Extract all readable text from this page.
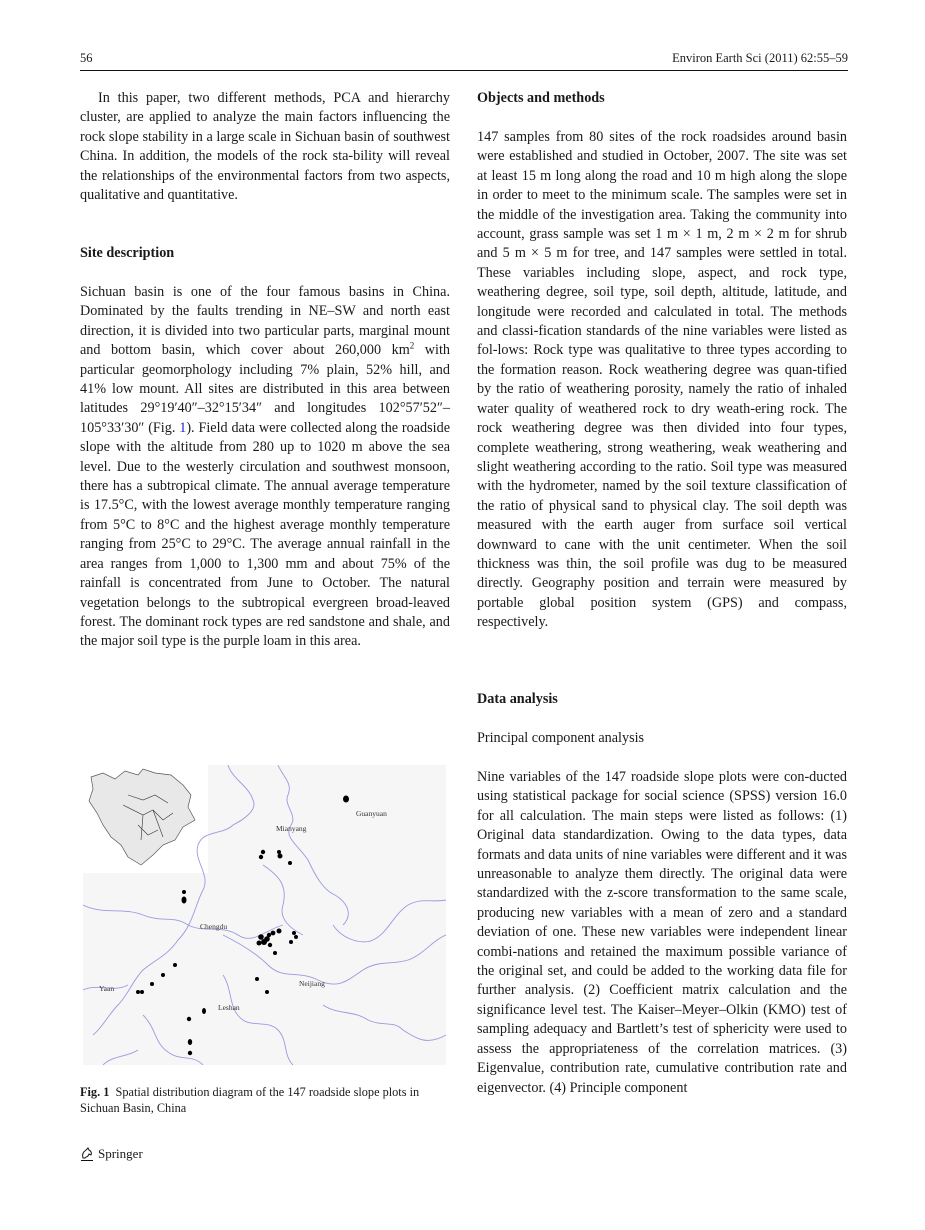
56	Environ Earth Sci (2011) 62:55–59

In this paper, two different methods, PCA and hierarchy cluster, are applied to analyze the main factors influencing the rock slope stability in a large scale in Sichuan basin of southwest China. In addition, the models of the rock sta-bility will reveal the relationships of the environmental factors from two aspects, qualitative and quantitative.

Site description

Sichuan basin is one of the four famous basins in China. Dominated by the faults trending in NE–SW and north east direction, it is divided into two particular parts, marginal mount and bottom basin, which cover about 260,000 $km^2$ with particular geomorphology including 7% plain, 52% hill, and 41% low mount. All sites are distributed in this area between latitudes 29°19′40″–32°15′34″ and longitudes 102°57′52″–105°33′30″ (Fig. 1). Field data were collected along the roadside slope with the altitude from 280 up to 1020 m above the sea level. Due to the westerly circulation and southwest monsoon, there has a subtropical climate. The annual average temperature is 17.5°C, with the lowest average monthly temperature ranging from 5°C to 8°C and the highest average monthly temperature ranging from 25°C to 29°C. The average annual rainfall in the area ranges from 1,000 to 1,300 mm and about 75% of the rainfall is concentrated from June to October. The natural vegetation belongs to the subtropical evergreen broad-leaved forest. The dominant rock types are red sandstone and shale, and the major soil type is the purple loam in this area.

Guanyuan
Mianyang
Chengdu
Yaan
Leshan
Neijiang
Fig. 1 Spatial distribution diagram of the 147 roadside slope plots in Sichuan Basin, China
Objects and methods

147 samples from 80 sites of the rock roadsides around basin were established and studied in October, 2007. The site was set at least 15 m long along the road and 10 m high along the slope in order to meet to the minimum scale. The samples were set in the middle of the investigation area. Taking the community into account, grass sample was set 1 m × 1 m, 2 m × 2 m for shrub and 5 m × 5 m for tree, and 147 samples were settled in total. These variables including slope, aspect, and rock type, weathering degree, soil type, soil depth, altitude, latitude, and longitude were recorded and calculated in total. The methods and classi-fication standards of the nine variables were listed as fol-lows: Rock type was qualitative to three types according to the formation reason. Rock weathering degree was quan-tified by the ratio of weathering porosity, namely the ratio of inhaled water quality of weathered rock to dry weath-ering rock. The rock weathering degree was then divided into four types, complete weathering, strong weathering, weak weathering and slight weathering according to the ratio. Soil type was measured with the hydrometer, named by the soil texture classification of the ratio of physical sand to physical clay. The soil depth was measured with the earth auger from surface soil vertical downward to cane with the unit centimeter. When the soil thickness was thin, the soil profile was dug to be measured directly. Geography position and terrain were measured by portable global position system (GPS) and compass, respectively.

Data analysis
Principal component analysis

Nine variables of the 147 roadside slope plots were con-ducted using statistical package for social science (SPSS) version 16.0 for all calculation. The main steps were listed as follows: (1) Original data standardization. Owing to the data types, data formats and data units of nine variables were different and it was unreasonable to analyze them directly. The original data were standardized with the z-score transformation to the same scale, producing new variables with a mean of zero and a standard deviation of one. These new variables were independent linear combi-nations and retained the maximum possible variance of the original set, and could be added to the working data file for further analysis. (2) Coefficient matrix calculation and the significance level test. The Kaiser–Meyer–Olkin (KMO) test of sampling adequacy and Bartlett’s test of sphericity were used to assess the appropriateness of the correlation matrices. (3) Eigenvalue, contribution rate, cumulative contribution rate and eigenvector. (4) Principle component

Springer
